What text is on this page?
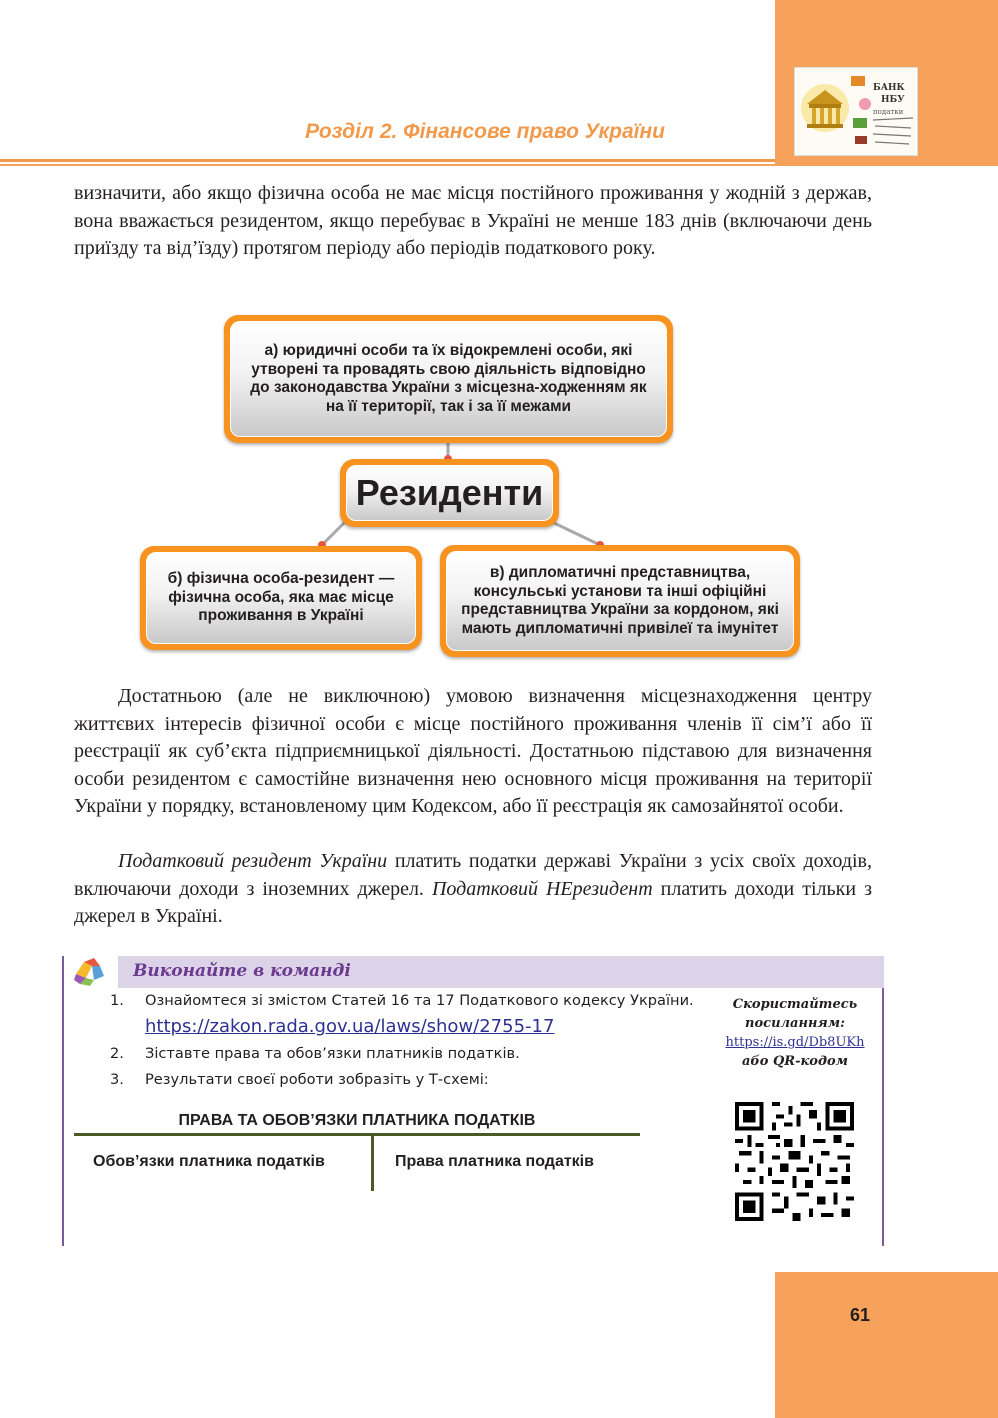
Розділ 2. Фінансове право України
БАНК
НБУ
податки

визначити, або якщо фізична особа не має місця постійного проживання у жодній з держав, вона вважається резидентом, якщо перебуває в Україні не менше 183 днів (включаючи день приїзду та від’їзду) протягом періоду або періодів податкового року.

а) юридичні особи та їх відокремлені особи, які утворені та провадять свою діяльність відповідно до законодавства України з місцезна-ходженням як на її території, так і за її межами
Резиденти
б) фізична особа-резидент — фізична особа, яка має місце проживання в Україні
в) дипломатичні представництва, консульські установи та інші офіційні представництва України за кордоном, які мають дипломатичні привілеї та імунітет

Достатньою (але не виключною) умовою визначення місцезнаходження центру життєвих інтересів фізичної особи є місце постійного проживання членів її сім’ї або її реєстрації як суб’єкта підприємницької діяльності. Достатньою підставою для визначення особи резидентом є самостійне визначення нею основного місця проживання на території України у порядку, встановленому цим Кодексом, або її реєстрація як самозайнятої особи.

Податковий резидент України платить податки державі України з усіх своїх доходів, включаючи доходи з іноземних джерел. Податковий НЕрезидент платить доходи тільки з джерел в Україні.

Виконайте в команді
1. Ознайомтеся зі змістом Статей 16 та 17 Податкового кодексу України. https://zakon.rada.gov.ua/laws/show/2755-17
2. Зіставте права та обов’язки платників податків.
3. Результати своєї роботи зобразіть у Т-схемі:
Скористайтесь посиланням:
https://is.gd/Db8UKh
або QR-кодом
ПРАВА ТА ОБОВ’ЯЗКИ ПЛАТНИКА ПОДАТКІВ
Обов’язки платника податків	Права платника податків
61
